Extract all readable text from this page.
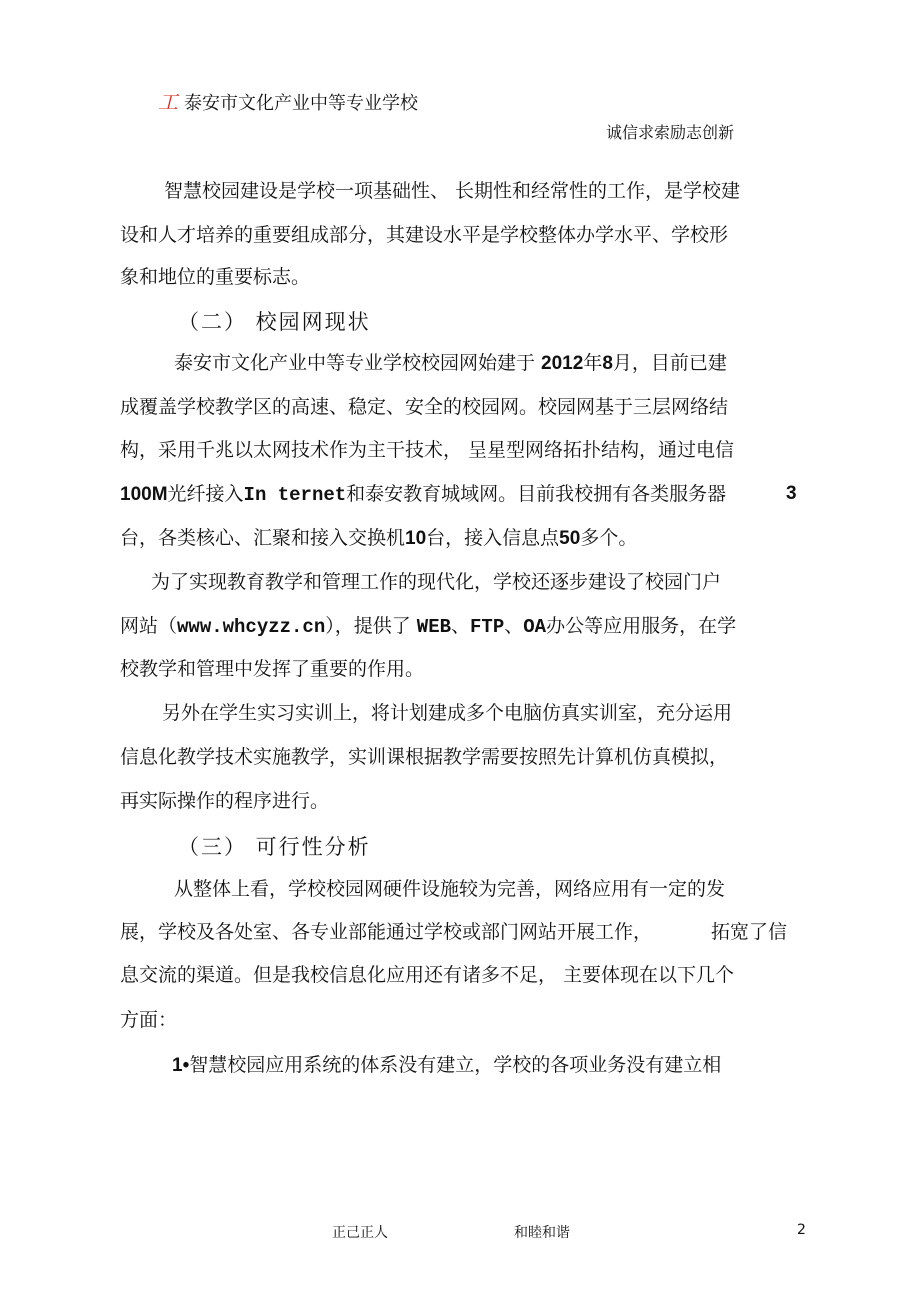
工 泰安市文化产业中等专业学校
诚信求索励志创新
智慧校园建设是学校一项基础性、 长期性和经常性的工作，是学校建
设和人才培养的重要组成部分，其建设水平是学校整体办学水平、学校形
象和地位的重要标志。
（二） 校园网现状
泰安市文化产业中等专业学校校园网始建于 2012年8月，目前已建
成覆盖学校教学区的高速、稳定、安全的校园网。校园网基于三层网络结
构，采用千兆以太网技术作为主干技术， 呈星型网络拓扑结构，通过电信
100M光纤接入In ternet和泰安教育城域网。目前我校拥有各类服务器	3
台，各类核心、汇聚和接入交换机10台，接入信息点50多个。
为了实现教育教学和管理工作的现代化，学校还逐步建设了校园门户
网站（www.whcyzz.cn），提供了 WEB、FTP、OA办公等应用服务，在学
校教学和管理中发挥了重要的作用。
另外在学生实习实训上，将计划建成多个电脑仿真实训室，充分运用
信息化教学技术实施教学，实训课根据教学需要按照先计算机仿真模拟，
再实际操作的程序进行。
（三） 可行性分析
从整体上看，学校校园网硬件设施较为完善，网络应用有一定的发
展，学校及各处室、各专业部能通过学校或部门网站开展工作，	拓宽了信
息交流的渠道。但是我校信息化应用还有诸多不足， 主要体现在以下几个
方面：
1•智慧校园应用系统的体系没有建立，学校的各项业务没有建立相
正己正人	和睦和谐	2
